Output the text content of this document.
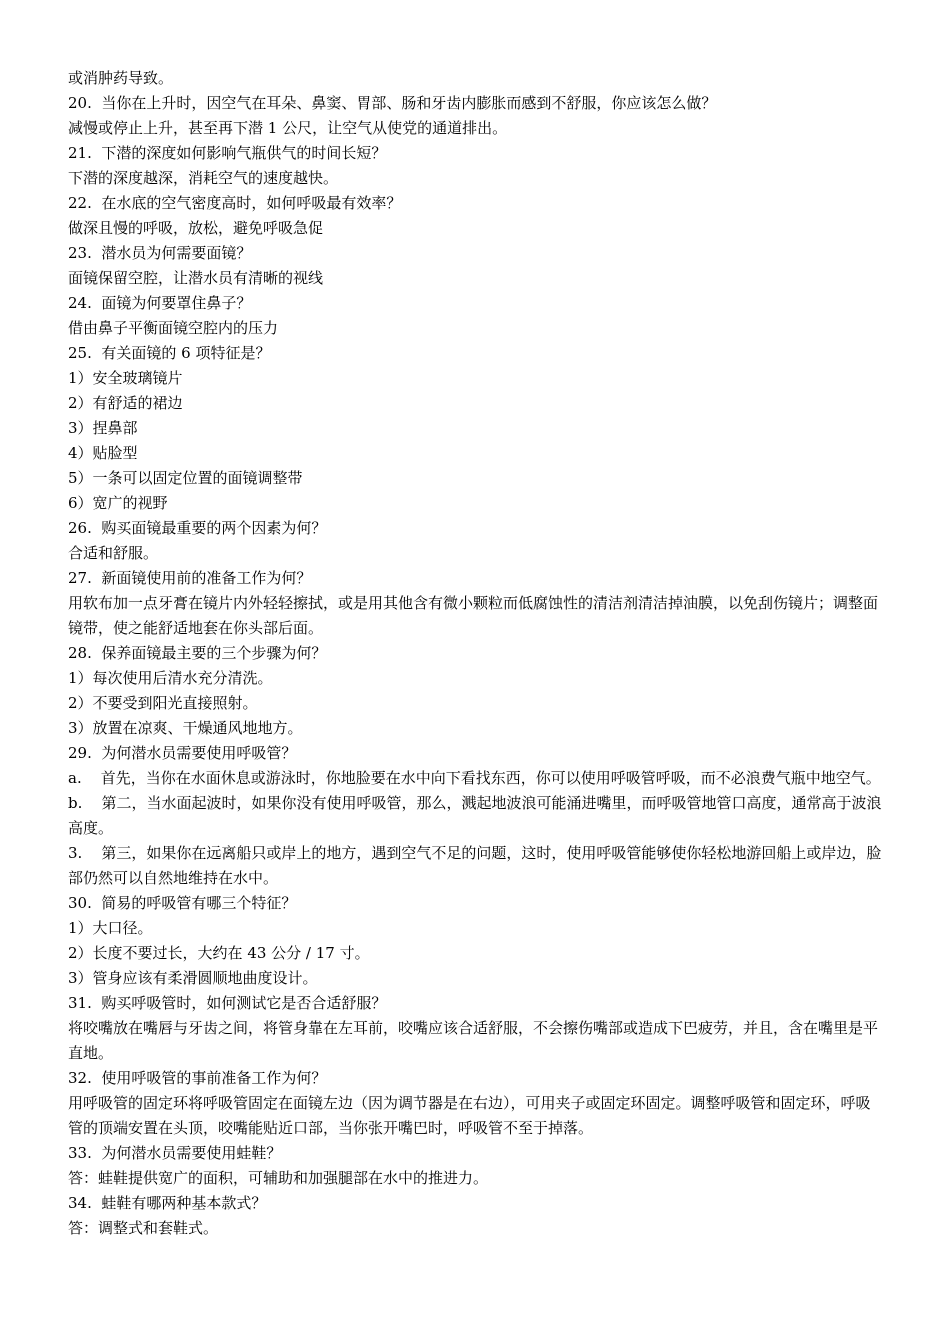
或消肿药导致。

20.  当你在上升时，因空气在耳朵、鼻窦、胃部、肠和牙齿内膨胀而感到不舒服，你应该怎么做？

减慢或停止上升，甚至再下潜 1 公尺，让空气从使党的通道排出。

21.  下潜的深度如何影响气瓶供气的时间长短？

下潜的深度越深，消耗空气的速度越快。

22.  在水底的空气密度高时，如何呼吸最有效率？

做深且慢的呼吸，放松，避免呼吸急促

23.  潜水员为何需要面镜？

面镜保留空腔，让潜水员有清晰的视线

24.  面镜为何要罩住鼻子？

借由鼻子平衡面镜空腔内的压力

25.  有关面镜的 6 项特征是？

1）安全玻璃镜片

2）有舒适的裙边

3）捏鼻部

4）贴脸型

5）一条可以固定位置的面镜调整带

6）宽广的视野

26.  购买面镜最重要的两个因素为何？

合适和舒服。

27.  新面镜使用前的准备工作为何？

用软布加一点牙膏在镜片内外轻轻擦拭，或是用其他含有微小颗粒而低腐蚀性的清洁剂清洁掉油膜，以免刮伤镜片；调整面镜带，使之能舒适地套在你头部后面。

28.  保养面镜最主要的三个步骤为何？

1）每次使用后清水充分清洗。

2）不要受到阳光直接照射。

3）放置在凉爽、干燥通风地地方。

29.  为何潜水员需要使用呼吸管？

a.    首先，当你在水面休息或游泳时，你地脸要在水中向下看找东西，你可以使用呼吸管呼吸，而不必浪费气瓶中地空气。

b.    第二，当水面起波时，如果你没有使用呼吸管，那么，溅起地波浪可能涌进嘴里，而呼吸管地管口高度，通常高于波浪高度。

3.    第三，如果你在远离船只或岸上的地方，遇到空气不足的问题，这时，使用呼吸管能够使你轻松地游回船上或岸边，脸部仍然可以自然地维持在水中。

30.  简易的呼吸管有哪三个特征？

1）大口径。

2）长度不要过长，大约在 43 公分 / 17 寸。

3）管身应该有柔滑圆顺地曲度设计。

31.  购买呼吸管时，如何测试它是否合适舒服？

将咬嘴放在嘴唇与牙齿之间，将管身靠在左耳前，咬嘴应该合适舒服，不会擦伤嘴部或造成下巴疲劳，并且，含在嘴里是平直地。

32.  使用呼吸管的事前准备工作为何？

用呼吸管的固定环将呼吸管固定在面镜左边（因为调节器是在右边），可用夹子或固定环固定。调整呼吸管和固定环，呼吸管的顶端安置在头顶，咬嘴能贴近口部，当你张开嘴巴时，呼吸管不至于掉落。

33.  为何潜水员需要使用蛙鞋？

答：蛙鞋提供宽广的面积，可辅助和加强腿部在水中的推进力。

34.  蛙鞋有哪两种基本款式？

答：调整式和套鞋式。
